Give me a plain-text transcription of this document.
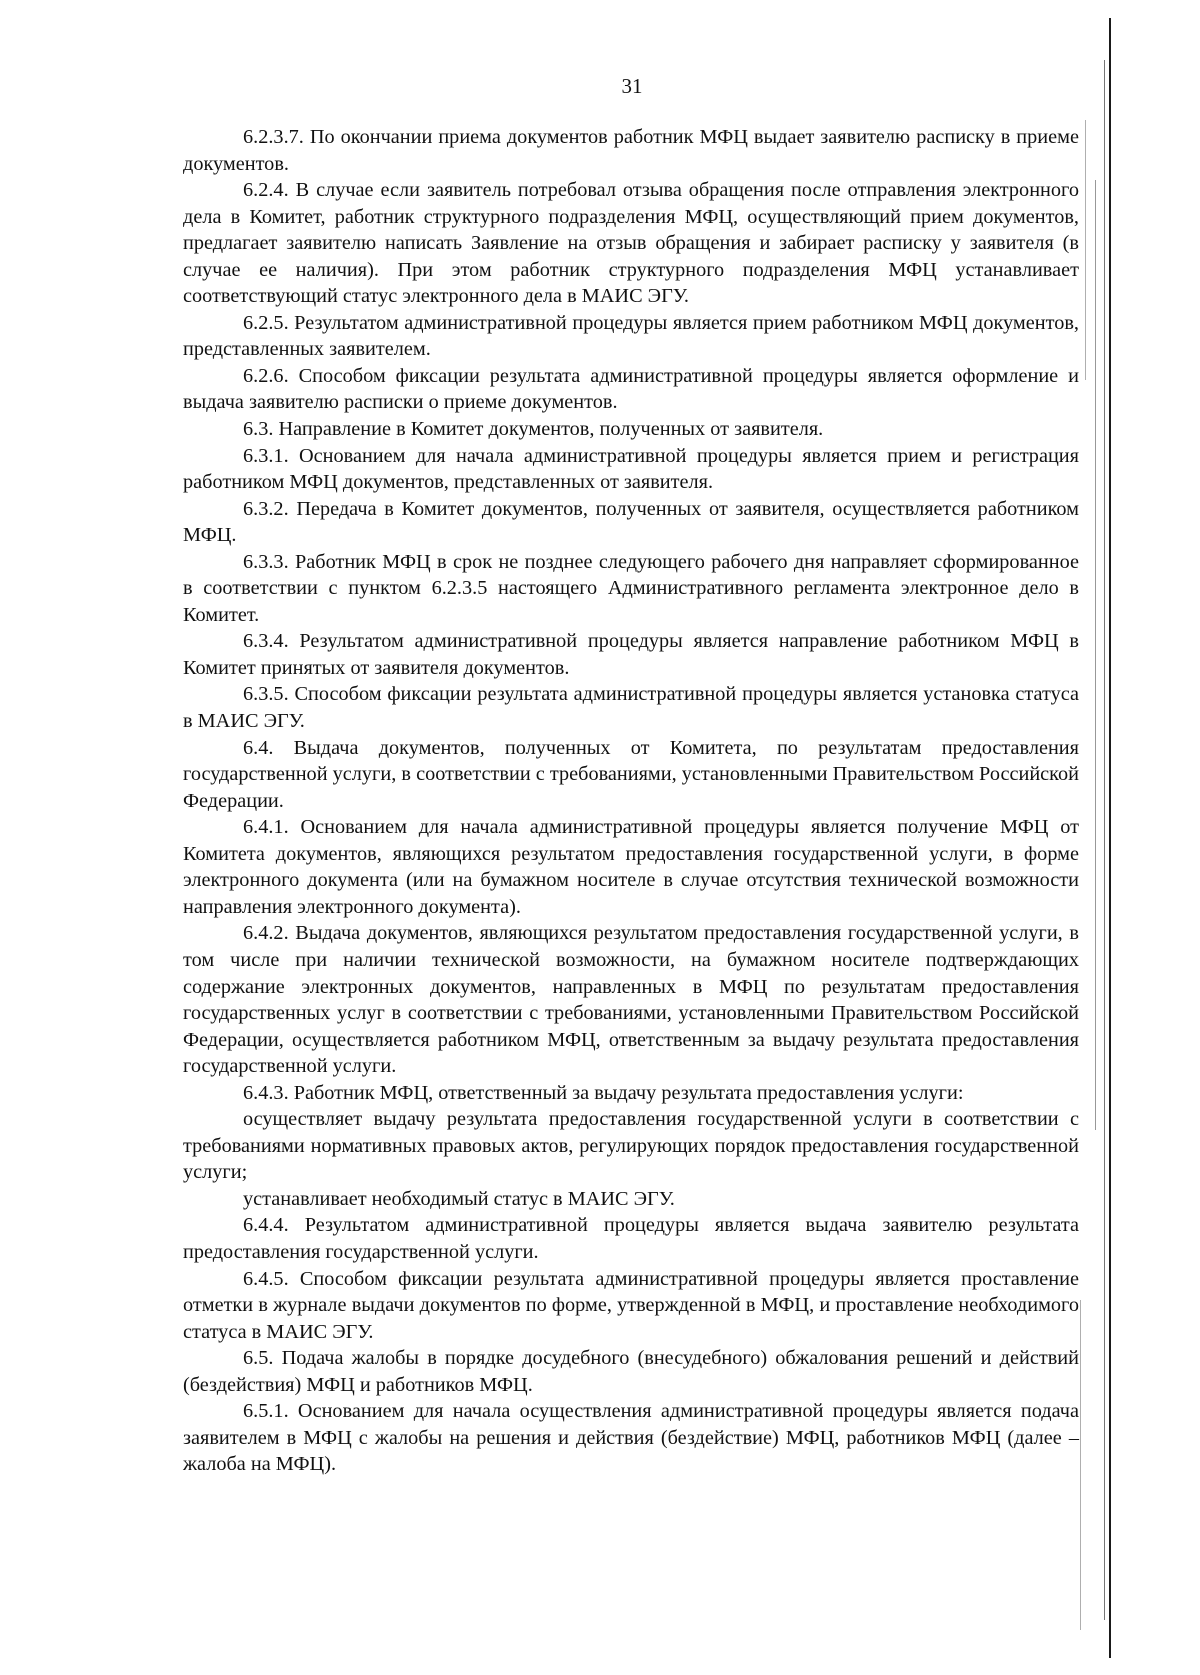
31

6.2.3.7. По окончании приема документов работник МФЦ выдает заявителю расписку в приеме документов.

6.2.4. В случае если заявитель потребовал отзыва обращения после отправления электронного дела в Комитет, работник структурного подразделения МФЦ, осуществляющий прием документов, предлагает заявителю написать Заявление на отзыв обращения и забирает расписку у заявителя (в случае ее наличия). При этом работник структурного подразделения МФЦ устанавливает соответствующий статус электронного дела в МАИС ЭГУ.

6.2.5. Результатом административной процедуры является прием работником МФЦ документов, представленных заявителем.

6.2.6. Способом фиксации результата административной процедуры является оформление и выдача заявителю расписки о приеме документов.

6.3. Направление в Комитет документов, полученных от заявителя.

6.3.1. Основанием для начала административной процедуры является прием и регистрация работником МФЦ документов, представленных от заявителя.

6.3.2. Передача в Комитет документов, полученных от заявителя, осуществляется работником МФЦ.

6.3.3. Работник МФЦ в срок не позднее следующего рабочего дня направляет сформированное в соответствии с пунктом 6.2.3.5 настоящего Административного регламента электронное дело в Комитет.

6.3.4. Результатом административной процедуры является направление работником МФЦ в Комитет принятых от заявителя документов.

6.3.5. Способом фиксации результата административной процедуры является установка статуса в МАИС ЭГУ.

6.4. Выдача документов, полученных от Комитета, по результатам предоставления государственной услуги, в соответствии с требованиями, установленными Правительством Российской Федерации.

6.4.1. Основанием для начала административной процедуры является получение МФЦ от Комитета документов, являющихся результатом предоставления государственной услуги, в форме электронного документа (или на бумажном носителе в случае отсутствия технической возможности направления электронного документа).

6.4.2. Выдача документов, являющихся результатом предоставления государственной услуги, в том числе при наличии технической возможности, на бумажном носителе подтверждающих содержание электронных документов, направленных в МФЦ по результатам предоставления государственных услуг в соответствии с требованиями, установленными Правительством Российской Федерации, осуществляется работником МФЦ, ответственным за выдачу результата предоставления государственной услуги.

6.4.3. Работник МФЦ, ответственный за выдачу результата предоставления услуги:

осуществляет выдачу результата предоставления государственной услуги в соответствии с требованиями нормативных правовых актов, регулирующих порядок предоставления государственной услуги;

устанавливает необходимый статус в МАИС ЭГУ.

6.4.4. Результатом административной процедуры является выдача заявителю результата предоставления государственной услуги.

6.4.5. Способом фиксации результата административной процедуры является проставление отметки в журнале выдачи документов по форме, утвержденной в МФЦ, и проставление необходимого статуса в МАИС ЭГУ.

6.5. Подача жалобы в порядке досудебного (внесудебного) обжалования решений и действий (бездействия) МФЦ и работников МФЦ.

6.5.1. Основанием для начала осуществления административной процедуры является подача заявителем в МФЦ с жалобы на решения и действия (бездействие) МФЦ, работников МФЦ (далее – жалоба на МФЦ).
